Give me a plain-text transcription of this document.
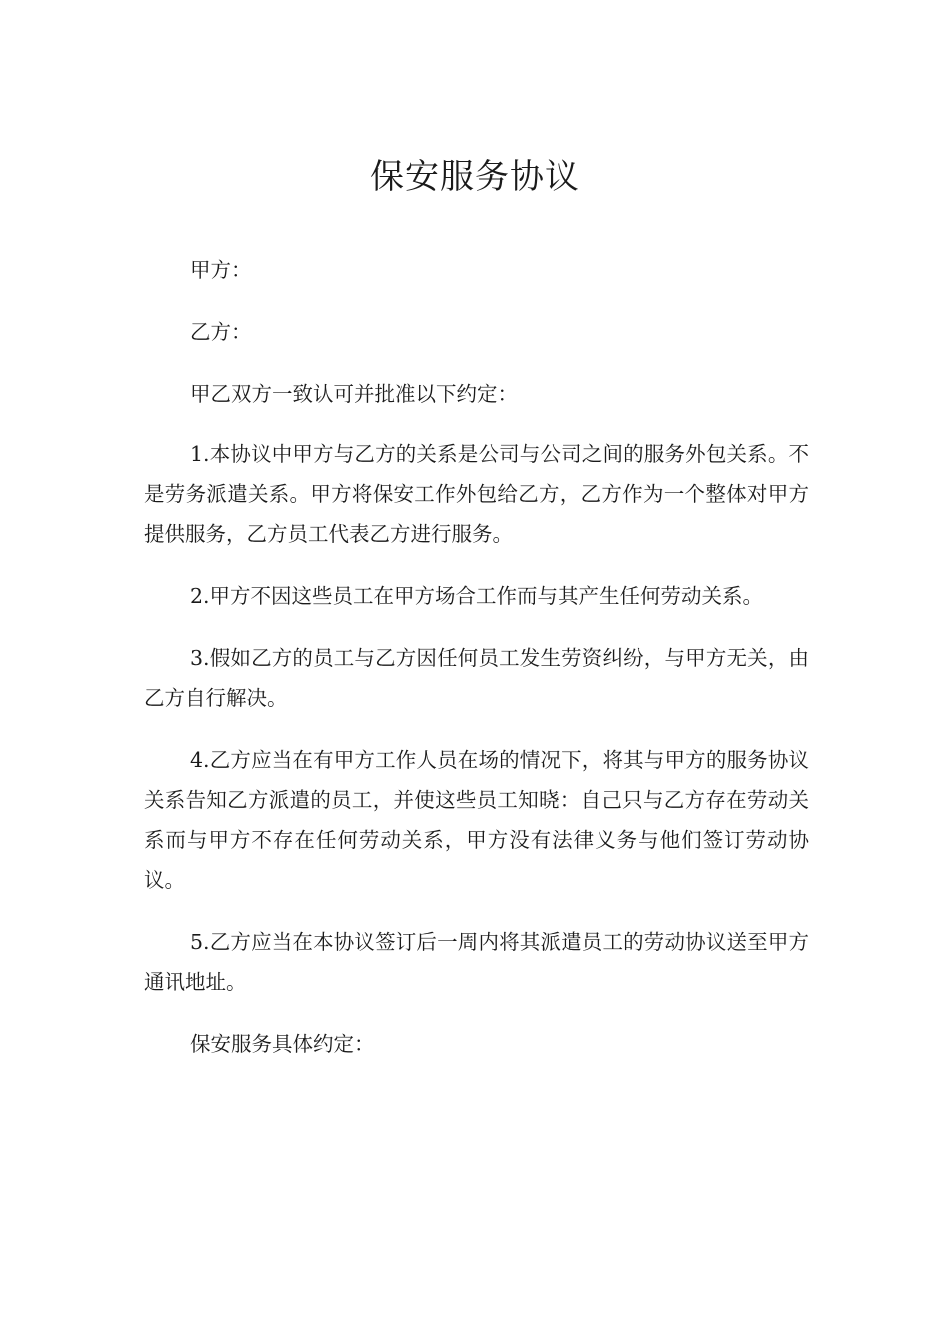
保安服务协议

甲方：

乙方：

甲乙双方一致认可并批准以下约定：

1.本协议中甲方与乙方的关系是公司与公司之间的服务外包关系。不是劳务派遣关系。甲方将保安工作外包给乙方，乙方作为一个整体对甲方提供服务，乙方员工代表乙方进行服务。

2.甲方不因这些员工在甲方场合工作而与其产生任何劳动关系。

3.假如乙方的员工与乙方因任何员工发生劳资纠纷，与甲方无关，由乙方自行解决。

4.乙方应当在有甲方工作人员在场的情况下，将其与甲方的服务协议关系告知乙方派遣的员工，并使这些员工知晓：自己只与乙方存在劳动关系而与甲方不存在任何劳动关系，甲方没有法律义务与他们签订劳动协议。

5.乙方应当在本协议签订后一周内将其派遣员工的劳动协议送至甲方通讯地址。

保安服务具体约定：
